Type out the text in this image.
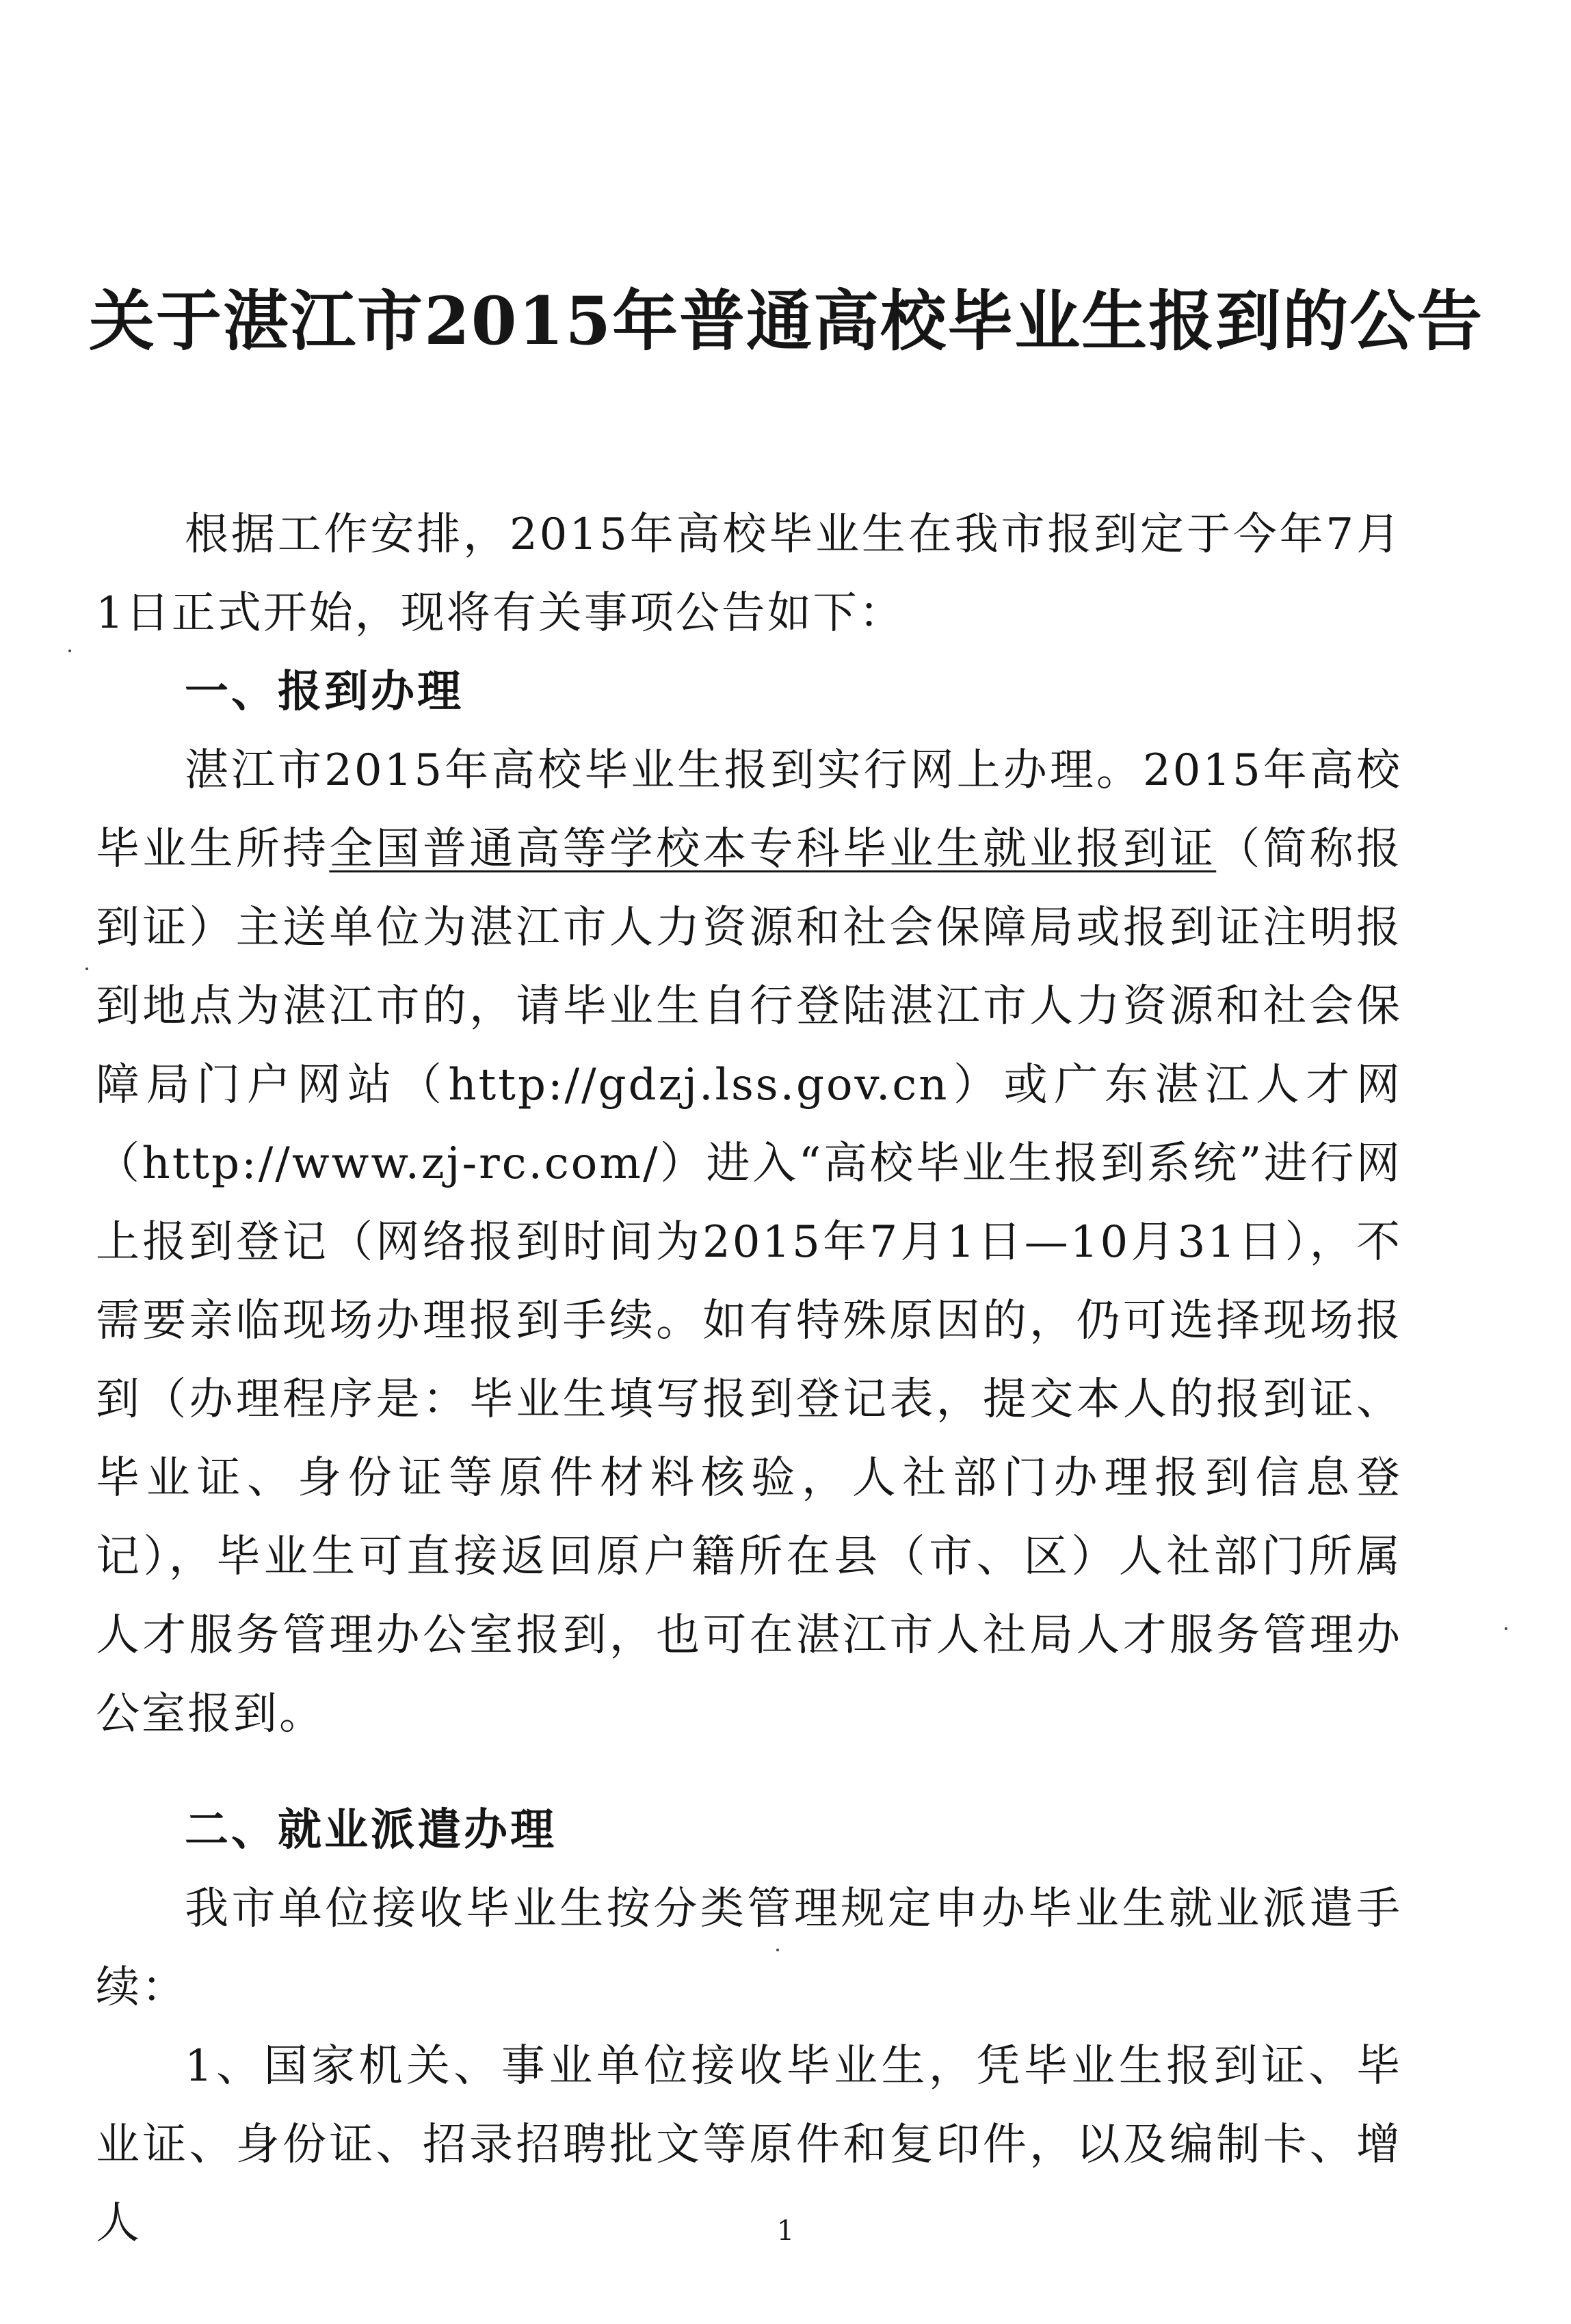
关于湛江市2015年普通高校毕业生报到的公告

根据工作安排，2015年高校毕业生在我市报到定于今年7月1日正式开始，现将有关事项公告如下：

一、报到办理

湛江市2015年高校毕业生报到实行网上办理。2015年高校毕业生所持全国普通高等学校本专科毕业生就业报到证（简称报到证）主送单位为湛江市人力资源和社会保障局或报到证注明报到地点为湛江市的，请毕业生自行登陆湛江市人力资源和社会保障局门户网站（http://gdzj.lss.gov.cn）或广东湛江人才网（http://www.zj-rc.com/）进入“高校毕业生报到系统”进行网上报到登记（网络报到时间为2015年7月1日—10月31日），不需要亲临现场办理报到手续。如有特殊原因的，仍可选择现场报到（办理程序是：毕业生填写报到登记表，提交本人的报到证、毕业证、身份证等原件材料核验，人社部门办理报到信息登记），毕业生可直接返回原户籍所在县（市、区）人社部门所属人才服务管理办公室报到，也可在湛江市人社局人才服务管理办公室报到。

二、就业派遣办理

我市单位接收毕业生按分类管理规定申办毕业生就业派遣手续：

1、国家机关、事业单位接收毕业生，凭毕业生报到证、毕业证、身份证、招录招聘批文等原件和复印件，以及编制卡、增人	1
